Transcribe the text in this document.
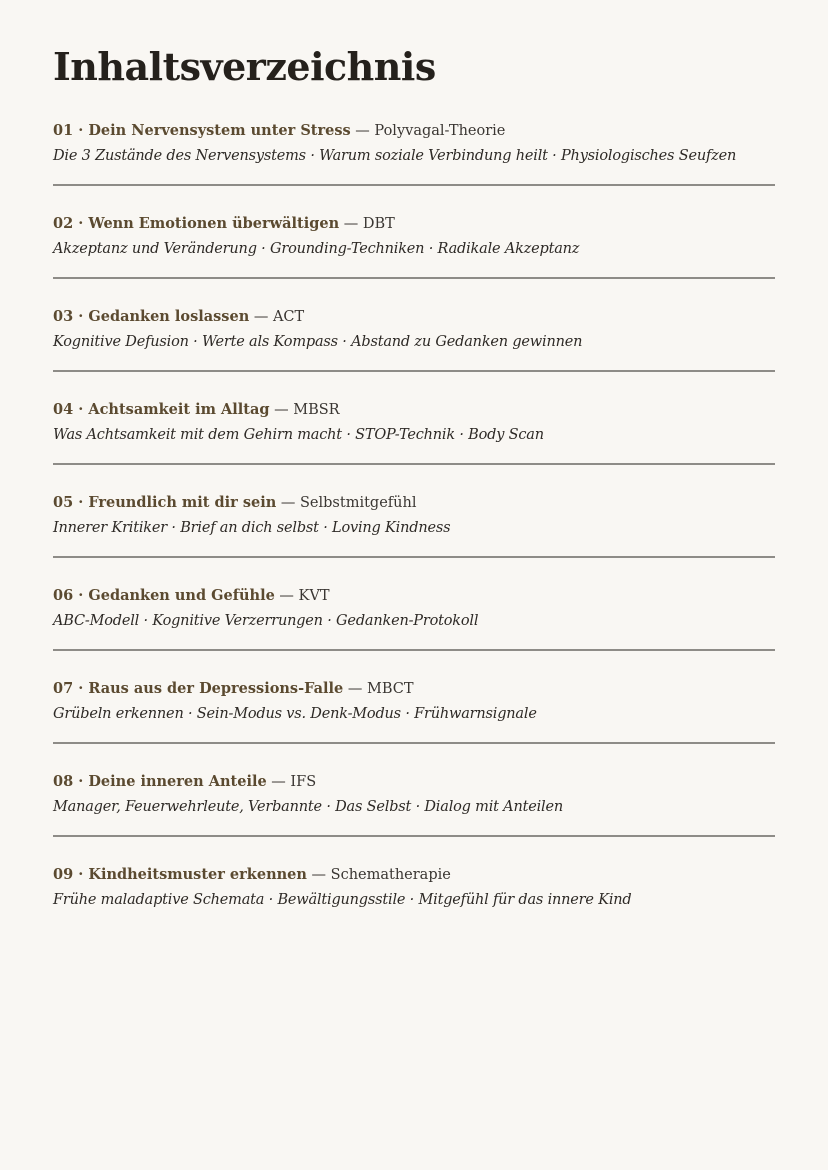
Inhaltsverzeichnis
01 · Dein Nervensystem unter Stress — Polyvagal-Theorie
Die 3 Zustände des Nervensystems · Warum soziale Verbindung heilt · Physiologisches Seufzen
02 · Wenn Emotionen überwältigen — DBT
Akzeptanz und Veränderung · Grounding-Techniken · Radikale Akzeptanz
03 · Gedanken loslassen — ACT
Kognitive Defusion · Werte als Kompass · Abstand zu Gedanken gewinnen
04 · Achtsamkeit im Alltag — MBSR
Was Achtsamkeit mit dem Gehirn macht · STOP-Technik · Body Scan
05 · Freundlich mit dir sein — Selbstmitgefühl
Innerer Kritiker · Brief an dich selbst · Loving Kindness
06 · Gedanken und Gefühle — KVT
ABC-Modell · Kognitive Verzerrungen · Gedanken-Protokoll
07 · Raus aus der Depressions-Falle — MBCT
Grübeln erkennen · Sein-Modus vs. Denk-Modus · Frühwarnsignale
08 · Deine inneren Anteile — IFS
Manager, Feuerwehrleute, Verbannte · Das Selbst · Dialog mit Anteilen
09 · Kindheitsmuster erkennen — Schematherapie
Frühe maladaptive Schemata · Bewältigungsstile · Mitgefühl für das innere Kind
